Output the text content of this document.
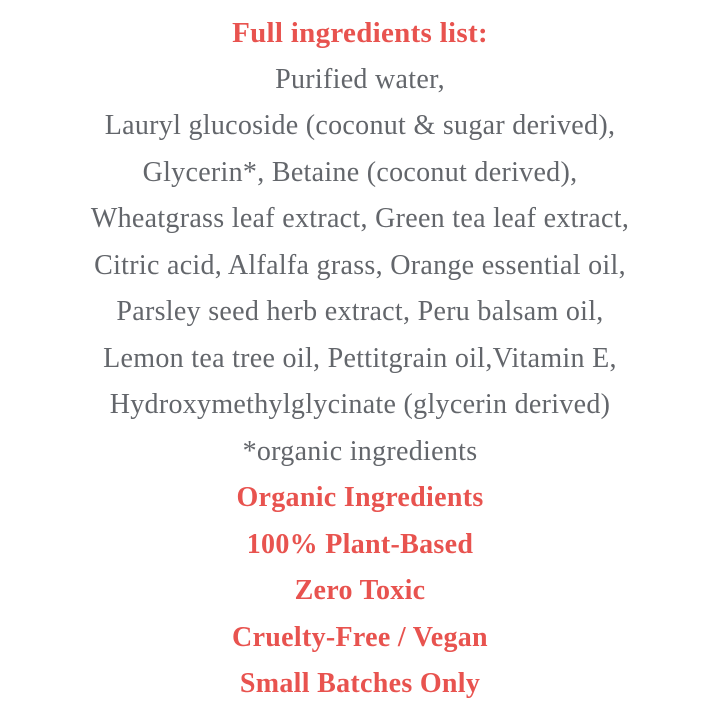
Full ingredients list:

Purified water,

Lauryl glucoside (coconut & sugar derived),

Glycerin*, Betaine (coconut derived),

Wheatgrass leaf extract, Green tea leaf extract,

Citric acid, Alfalfa grass, Orange essential oil,

Parsley seed herb extract, Peru balsam oil,

Lemon tea tree oil, Pettitgrain oil,Vitamin E,

Hydroxymethylglycinate (glycerin derived)

*organic ingredients

Organic Ingredients

100% Plant-Based

Zero Toxic

Cruelty-Free / Vegan

Small Batches Only
